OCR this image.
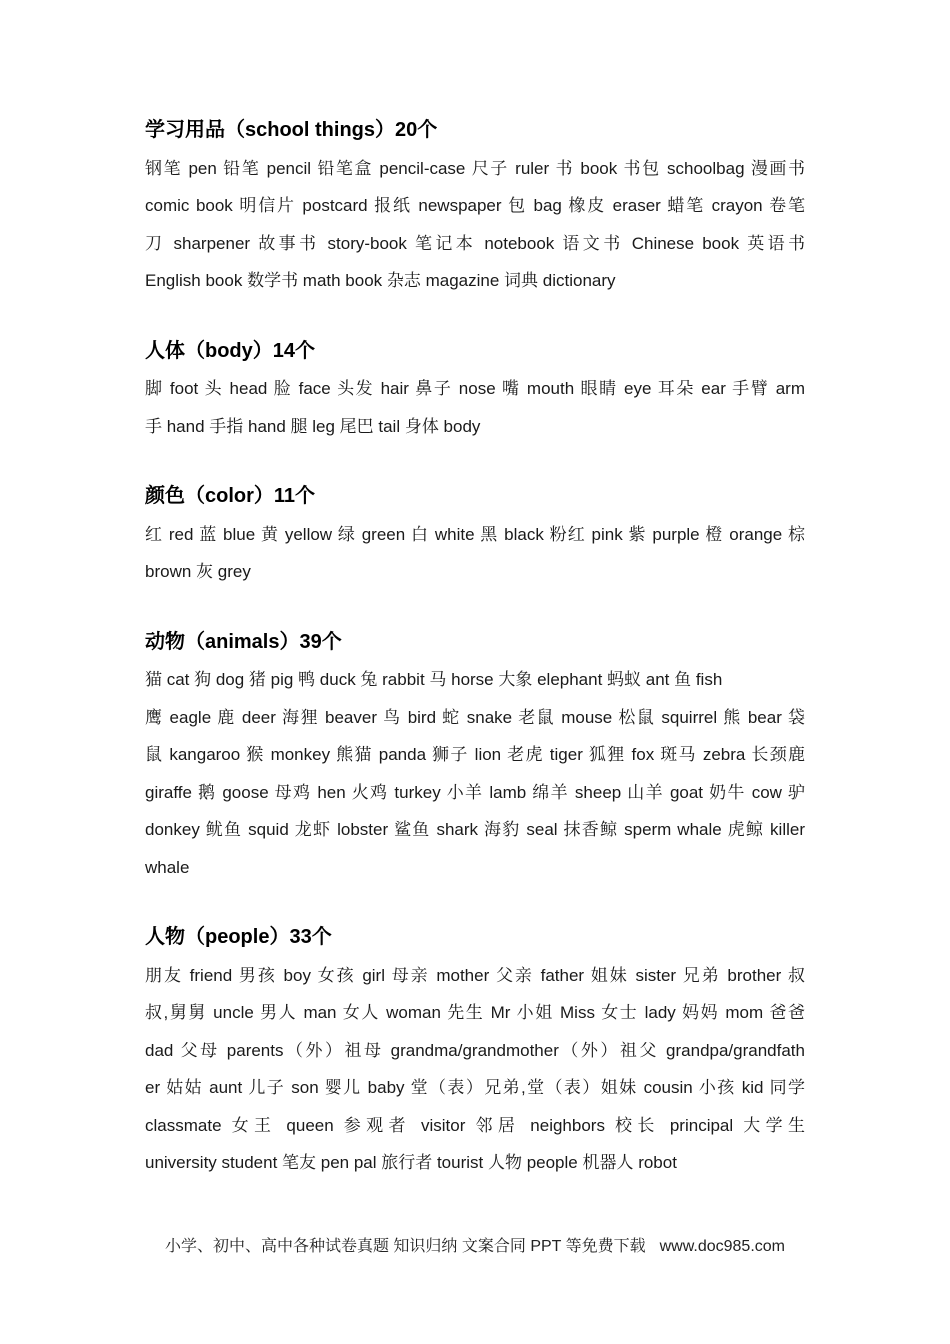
学习用品（school things）20个
钢笔 pen 铅笔 pencil 铅笔盒 pencil-case 尺子 ruler 书 book 书包 schoolbag 漫画书
comic book 明信片 postcard 报纸 newspaper 包 bag 橡皮 eraser 蜡笔 crayon 卷笔
刀 sharpener 故事书 story-book 笔记本 notebook 语文书 Chinese book 英语书
English book 数学书 math book 杂志 magazine 词典 dictionary
人体（body）14个
脚 foot 头 head 脸 face 头发 hair 鼻子 nose 嘴 mouth 眼睛 eye 耳朵 ear 手臂 arm
手 hand 手指 hand 腿 leg 尾巴 tail 身体 body
颜色（color）11个
红 red 蓝 blue 黄 yellow 绿 green 白 white 黑 black 粉红 pink 紫 purple 橙 orange 棕
brown 灰 grey
动物（animals）39个
猫 cat 狗 dog 猪 pig 鸭 duck 兔 rabbit 马 horse 大象 elephant 蚂蚁 ant 鱼 fish
鹰 eagle 鹿 deer 海狸 beaver 鸟 bird 蛇 snake 老鼠 mouse 松鼠 squirrel 熊 bear 袋
鼠 kangaroo 猴 monkey 熊猫 panda 狮子 lion 老虎 tiger 狐狸 fox 斑马 zebra 长颈鹿
giraffe 鹅 goose 母鸡 hen 火鸡 turkey 小羊 lamb 绵羊 sheep 山羊 goat 奶牛 cow 驴
donkey 鱿鱼 squid 龙虾 lobster 鲨鱼 shark 海豹 seal 抹香鲸 sperm whale 虎鲸 killer
whale
人物（people）33个
朋友 friend 男孩 boy 女孩 girl 母亲 mother 父亲 father 姐妹 sister 兄弟 brother 叔
叔,舅舅 uncle 男人 man 女人 woman 先生 Mr 小姐 Miss 女士 lady 妈妈 mom 爸爸
dad 父母 parents（外）祖母 grandma/grandmother（外）祖父 grandpa/grandfath
er 姑姑 aunt 儿子 son 婴儿 baby 堂（表）兄弟,堂（表）姐妹 cousin 小孩 kid 同学
classmate 女王 queen 参观者 visitor 邻居 neighbors 校长 principal 大学生
university student 笔友 pen pal 旅行者 tourist 人物 people 机器人 robot
小学、初中、高中各种试卷真题 知识归纳 文案合同 PPT 等免费下载 www.doc985.com
